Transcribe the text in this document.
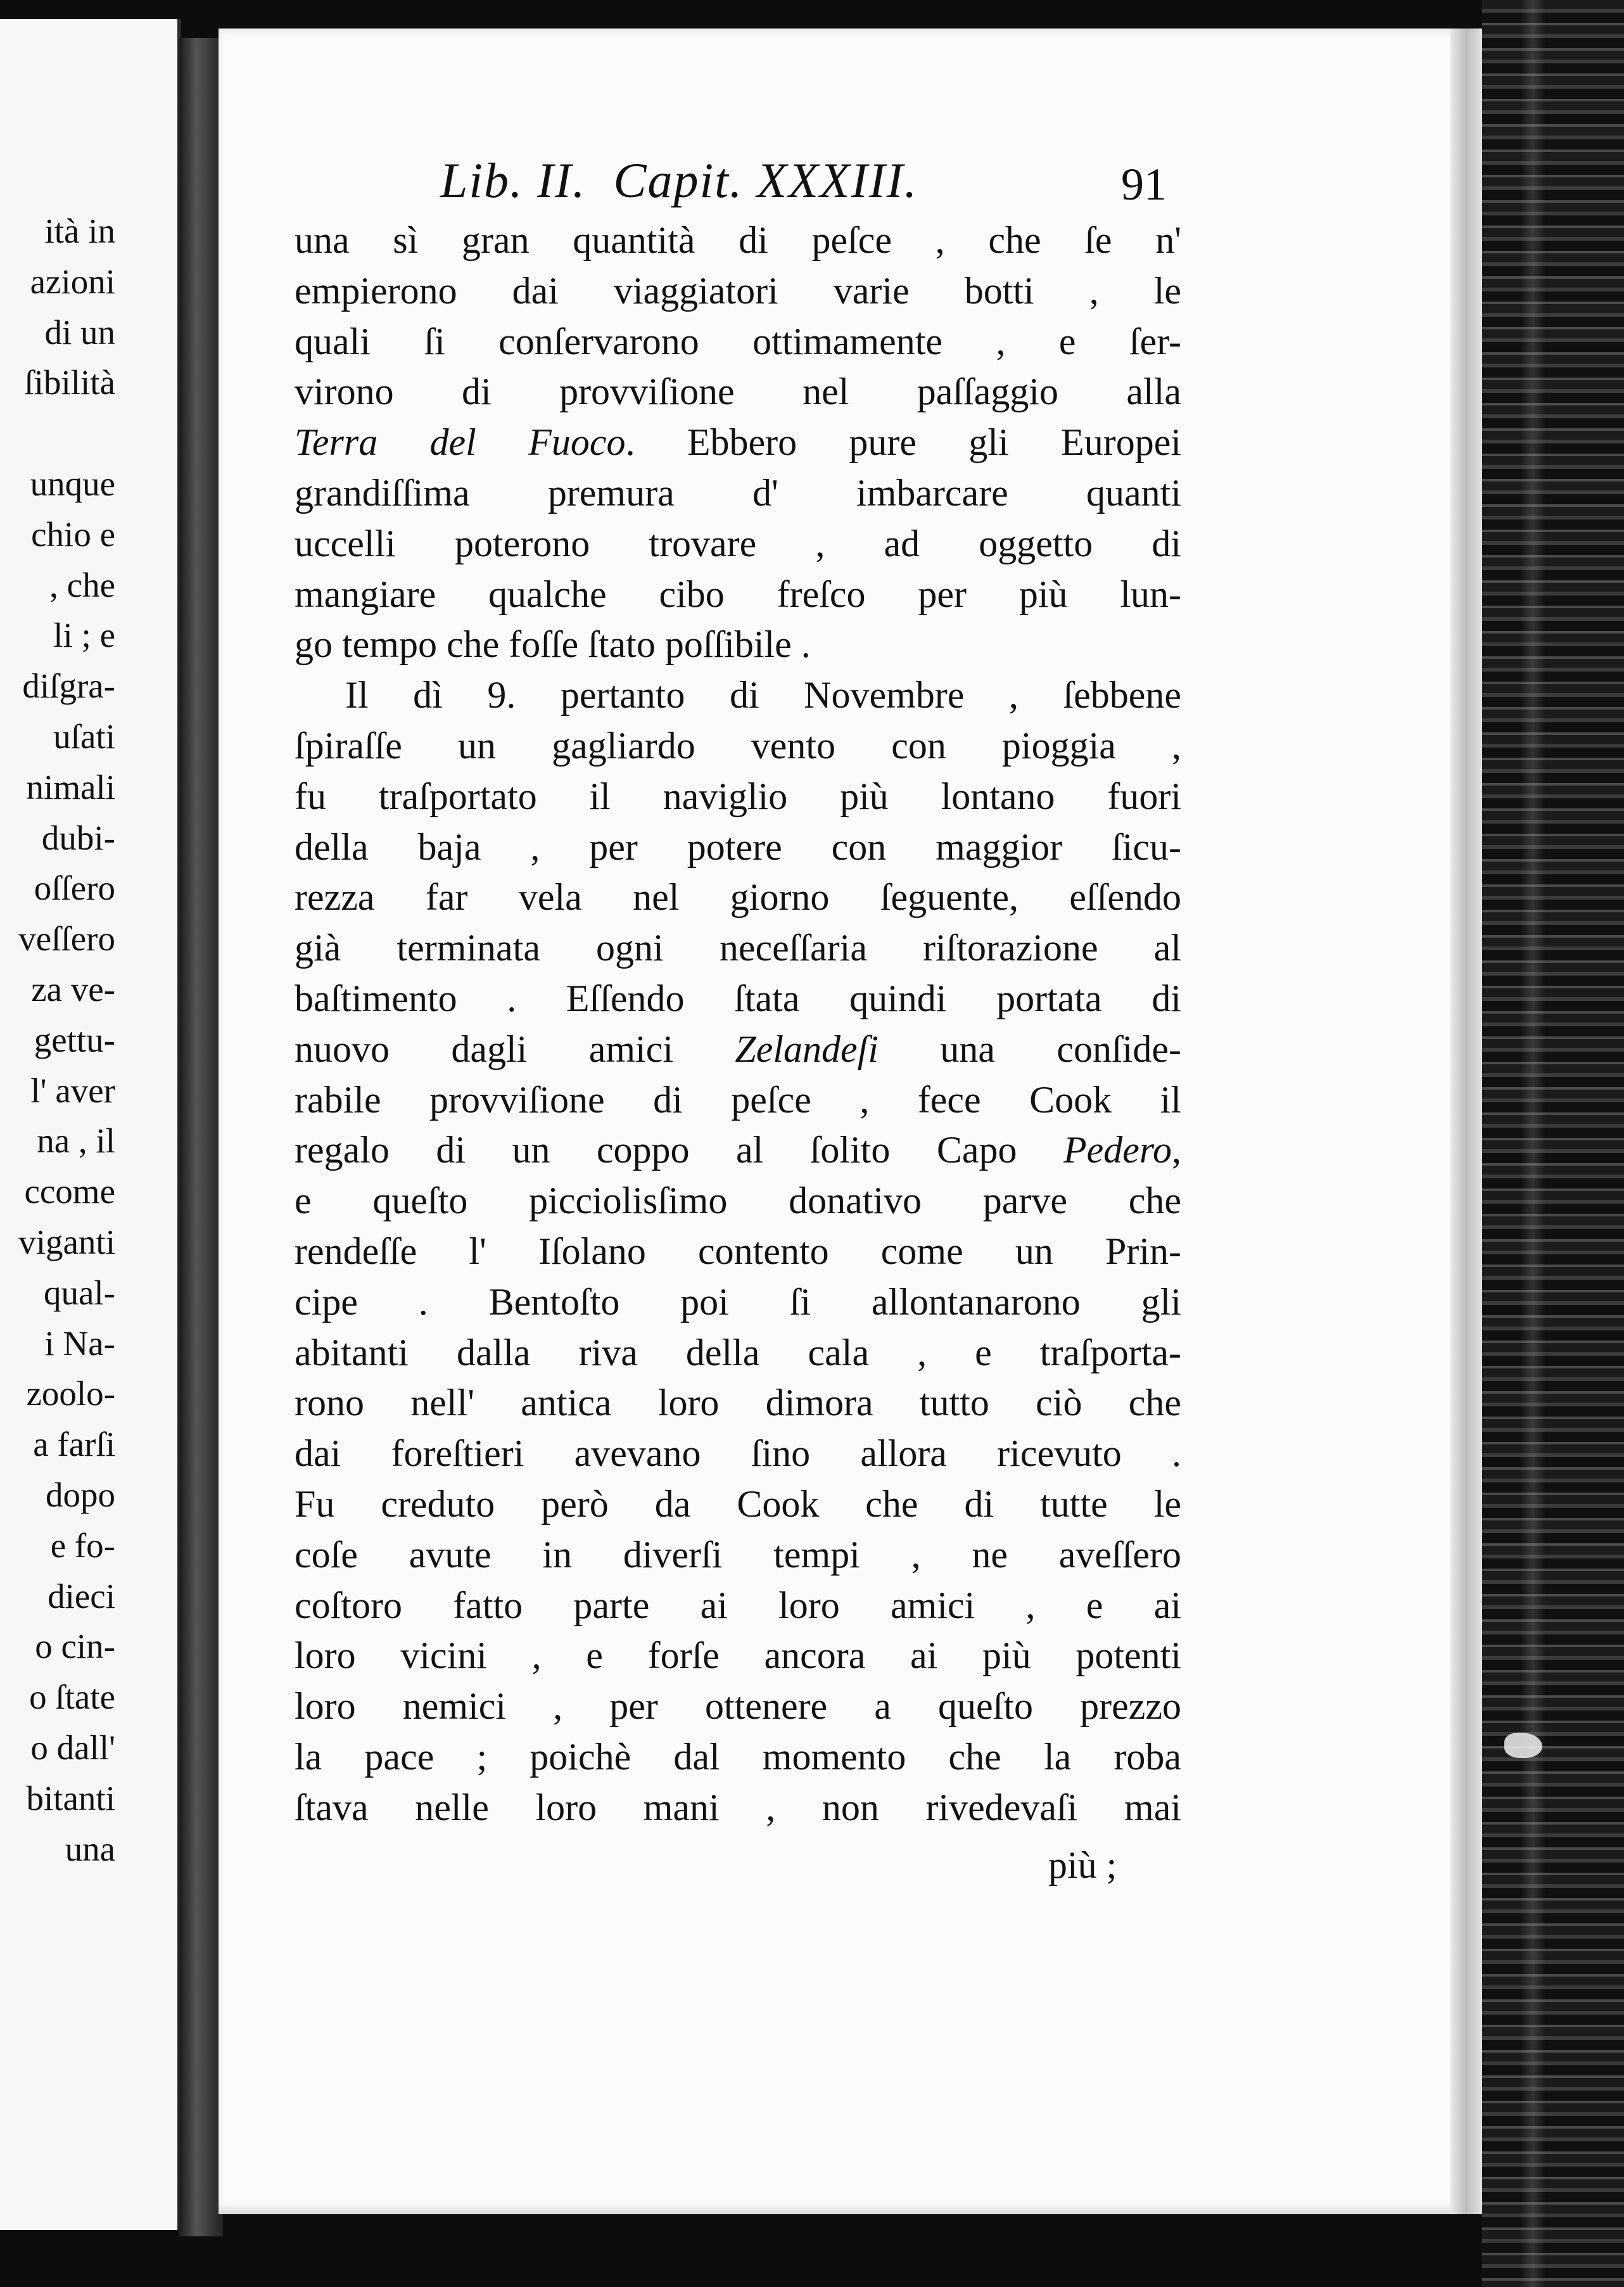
ità in
azioni
di un
ſibilità

unque
chio e
, che
li ; e
diſgra-
uſati
nimali
dubi-
oſſero
veſſero
za ve-
gettu-
l' aver
na , il
ccome
viganti
qual-
i Na-
zoolo-
a farſi
dopo
e fo-
dieci
o cin-
o ſtate
o dall'
bitanti
una
Lib. II.  Capit. XXXIII.	91
una sì gran quantità di peſce , che ſe n'
empierono dai viaggiatori varie botti , le
quali ſi conſervarono ottimamente , e ſer-
virono di provviſione nel paſſaggio alla
Terra del Fuoco. Ebbero pure gli Europei
grandiſſima premura d' imbarcare quanti
uccelli poterono trovare , ad oggetto di
mangiare qualche cibo freſco per più lun-
go tempo che foſſe ſtato poſſibile .
Il dì 9. pertanto di Novembre , ſebbene
ſpiraſſe un gagliardo vento con pioggia ,
fu traſportato il naviglio più lontano fuori
della baja , per potere con maggior ſicu-
rezza far vela nel giorno ſeguente, eſſendo
già terminata ogni neceſſaria riſtorazione al
baſtimento . Eſſendo ſtata quindi portata di
nuovo dagli amici Zelandeſi una conſide-
rabile provviſione di peſce , fece Cook il
regalo di un coppo al ſolito Capo Pedero,
e queſto picciolisſimo donativo parve che
rendeſſe l' Iſolano contento come un Prin-
cipe . Bentoſto poi ſi allontanarono gli
abitanti dalla riva della cala , e traſporta-
rono nell' antica loro dimora tutto ciò che
dai foreſtieri avevano ſino allora ricevuto .
Fu creduto però da Cook che di tutte le
coſe avute in diverſi tempi , ne aveſſero
coſtoro fatto parte ai loro amici , e ai
loro vicini , e forſe ancora ai più potenti
loro nemici , per ottenere a queſto prezzo
la pace ; poichè dal momento che la roba
ſtava nelle loro mani , non rivedevaſi mai
più ;
